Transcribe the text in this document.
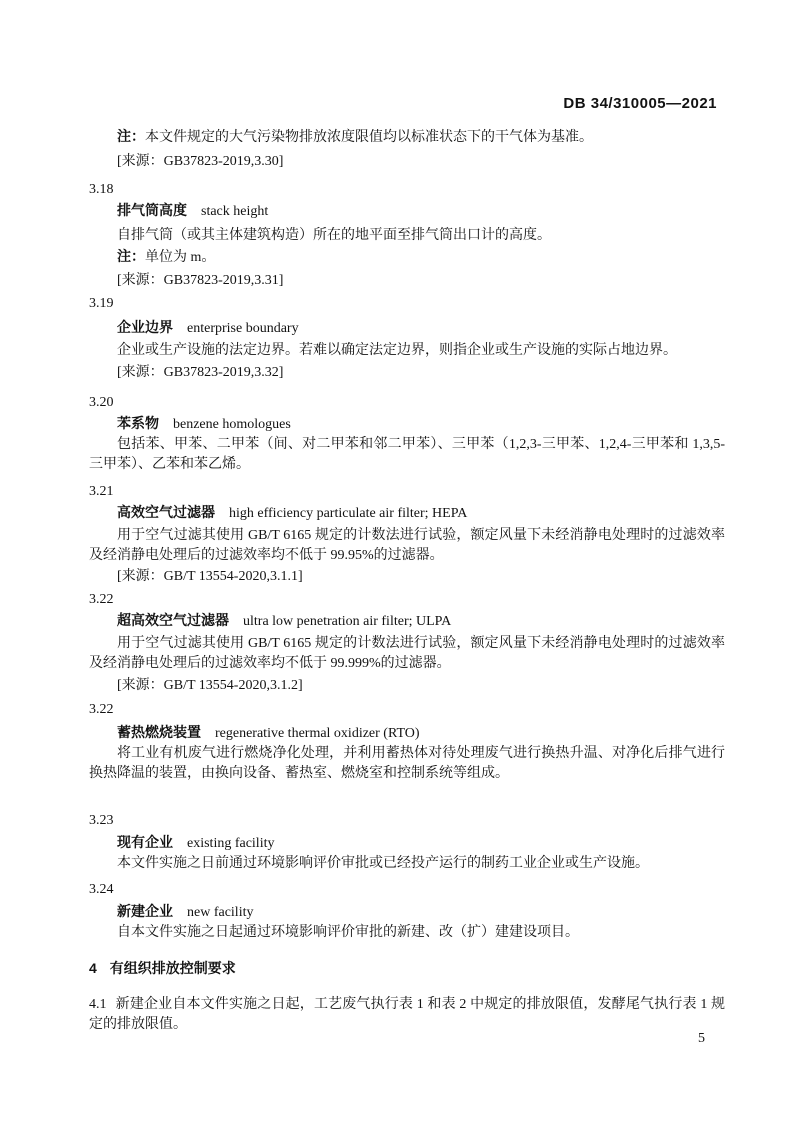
DB 34/310005—2021

注：本文件规定的大气污染物排放浓度限值均以标准状态下的干气体为基准。

[来源：GB37823-2019,3.30]

3.18

排气筒高度 stack height

自排气筒（或其主体建筑构造）所在的地平面至排气筒出口计的高度。

注：单位为 m。

[来源：GB37823-2019,3.31]

3.19

企业边界 enterprise boundary

企业或生产设施的法定边界。若难以确定法定边界，则指企业或生产设施的实际占地边界。

[来源：GB37823-2019,3.32]

3.20

苯系物 benzene homologues

包括苯、甲苯、二甲苯（间、对二甲苯和邻二甲苯）、三甲苯（1,2,3-三甲苯、1,2,4-三甲苯和 1,3,5-三甲苯）、乙苯和苯乙烯。

3.21

高效空气过滤器 high efficiency particulate air filter; HEPA

用于空气过滤其使用 GB/T 6165 规定的计数法进行试验，额定风量下未经消静电处理时的过滤效率及经消静电处理后的过滤效率均不低于 99.95%的过滤器。

[来源：GB/T 13554-2020,3.1.1]

3.22

超高效空气过滤器 ultra low penetration air filter; ULPA

用于空气过滤其使用 GB/T 6165 规定的计数法进行试验，额定风量下未经消静电处理时的过滤效率及经消静电处理后的过滤效率均不低于 99.999%的过滤器。

[来源：GB/T 13554-2020,3.1.2]

3.22

蓄热燃烧装置 regenerative thermal oxidizer (RTO)

将工业有机废气进行燃烧净化处理，并利用蓄热体对待处理废气进行换热升温、对净化后排气进行换热降温的装置，由换向设备、蓄热室、燃烧室和控制系统等组成。

3.23

现有企业 existing facility

本文件实施之日前通过环境影响评价审批或已经投产运行的制药工业企业或生产设施。

3.24

新建企业 new facility

自本文件实施之日起通过环境影响评价审批的新建、改（扩）建建设项目。

4 有组织排放控制要求

4.1 新建企业自本文件实施之日起，工艺废气执行表 1 和表 2 中规定的排放限值，发酵尾气执行表 1 规定的排放限值。

5
